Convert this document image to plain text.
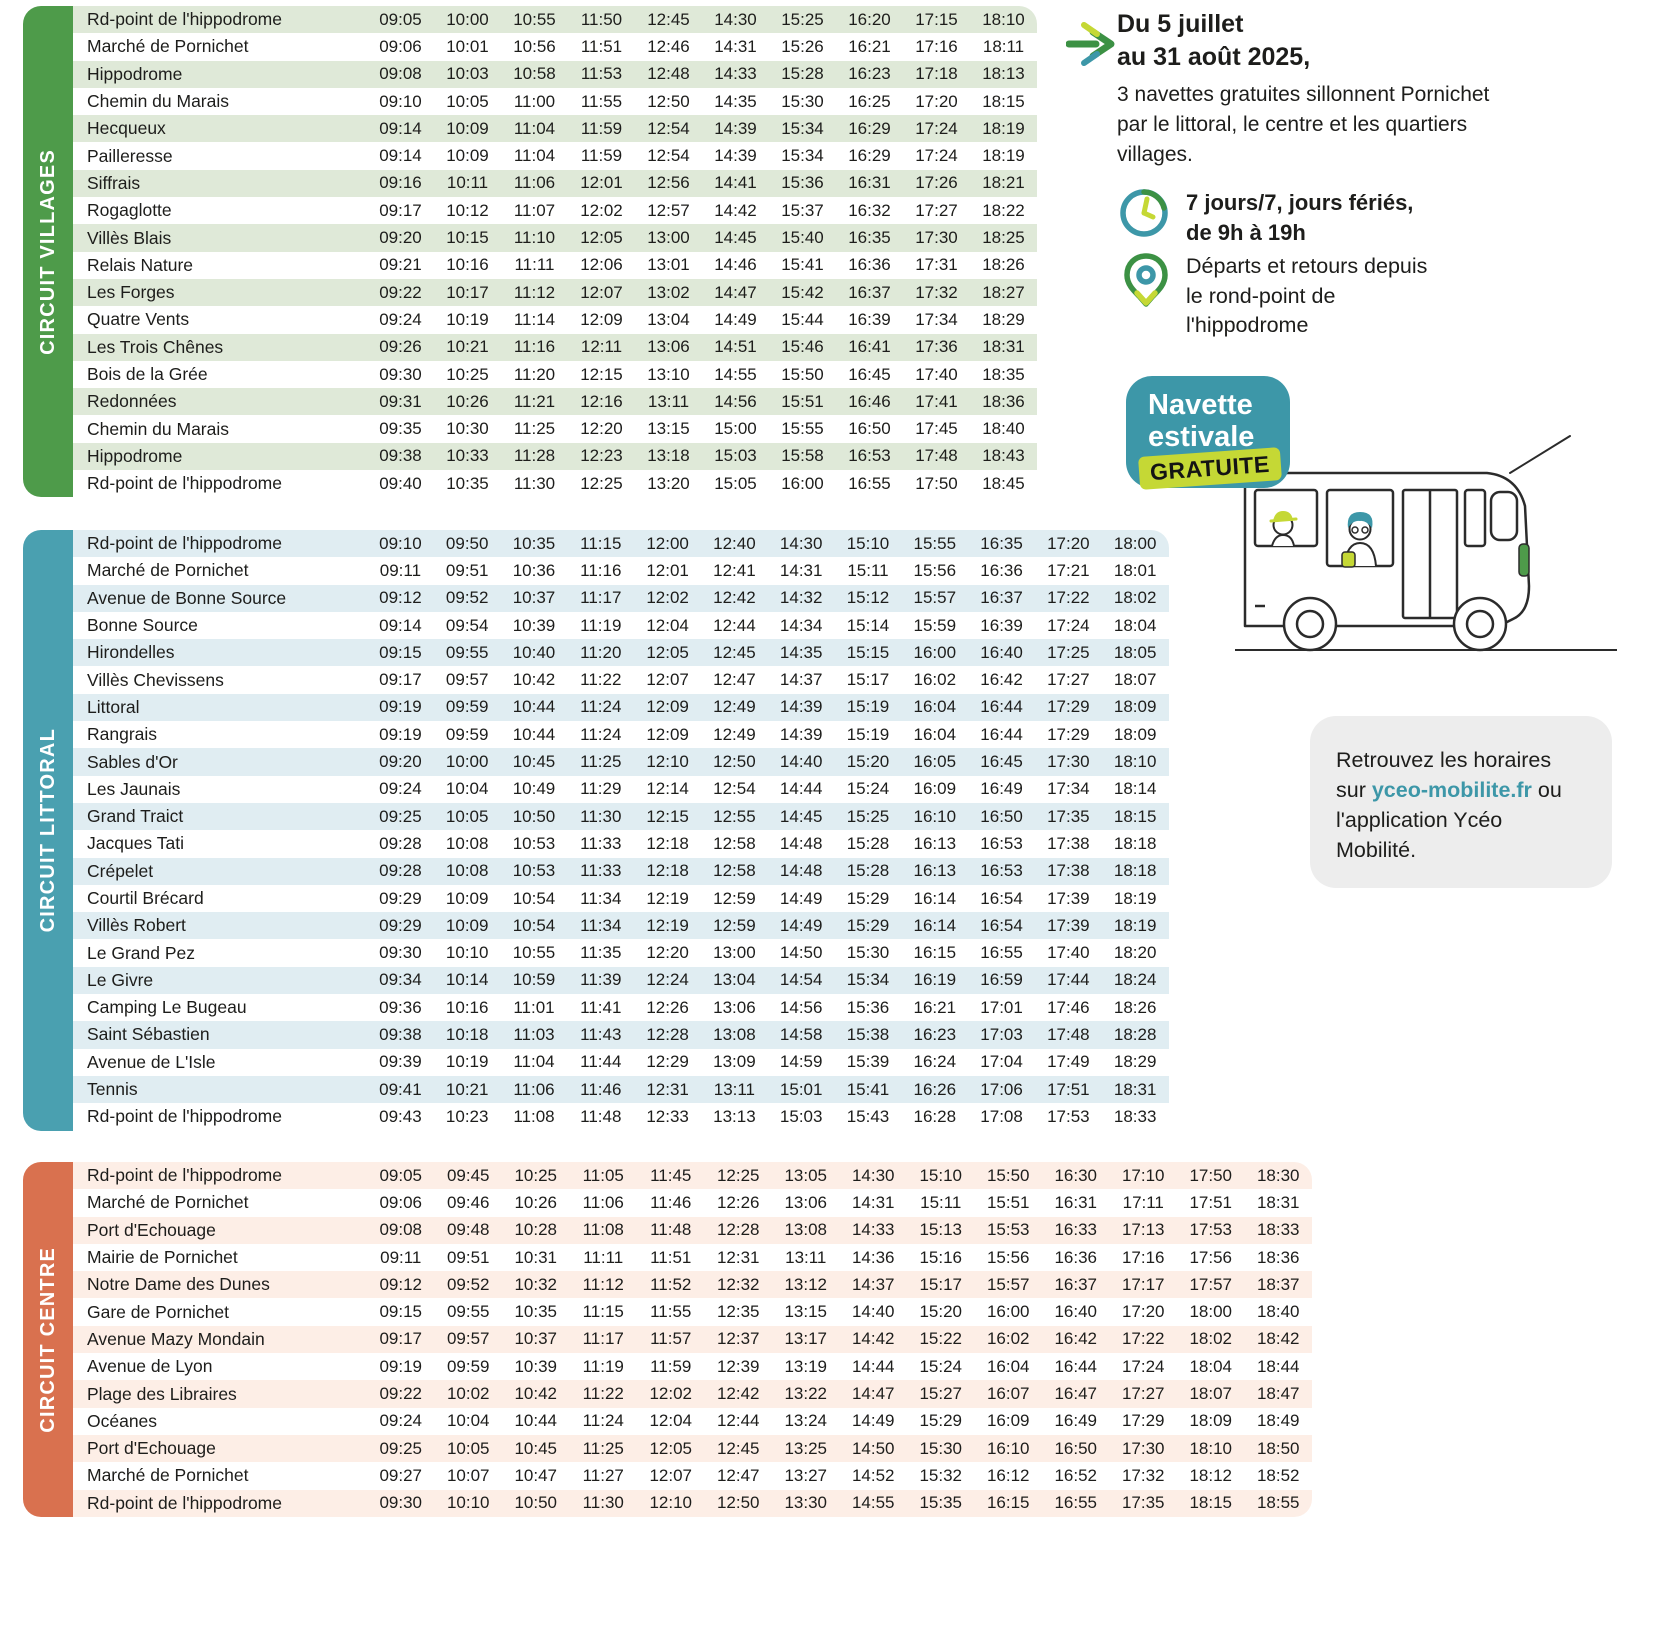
CIRCUIT VILLAGES
Rd-point de l'hippodrome	09:05	10:00	10:55	11:50	12:45	14:30	15:25	16:20	17:15	18:10
Marché de Pornichet	09:06	10:01	10:56	11:51	12:46	14:31	15:26	16:21	17:16	18:11
Hippodrome	09:08	10:03	10:58	11:53	12:48	14:33	15:28	16:23	17:18	18:13
Chemin du Marais	09:10	10:05	11:00	11:55	12:50	14:35	15:30	16:25	17:20	18:15
Hecqueux	09:14	10:09	11:04	11:59	12:54	14:39	15:34	16:29	17:24	18:19
Pailleresse	09:14	10:09	11:04	11:59	12:54	14:39	15:34	16:29	17:24	18:19
Siffrais	09:16	10:11	11:06	12:01	12:56	14:41	15:36	16:31	17:26	18:21
Rogaglotte	09:17	10:12	11:07	12:02	12:57	14:42	15:37	16:32	17:27	18:22
Villès Blais	09:20	10:15	11:10	12:05	13:00	14:45	15:40	16:35	17:30	18:25
Relais Nature	09:21	10:16	11:11	12:06	13:01	14:46	15:41	16:36	17:31	18:26
Les Forges	09:22	10:17	11:12	12:07	13:02	14:47	15:42	16:37	17:32	18:27
Quatre Vents	09:24	10:19	11:14	12:09	13:04	14:49	15:44	16:39	17:34	18:29
Les Trois Chênes	09:26	10:21	11:16	12:11	13:06	14:51	15:46	16:41	17:36	18:31
Bois de la Grée	09:30	10:25	11:20	12:15	13:10	14:55	15:50	16:45	17:40	18:35
Redonnées	09:31	10:26	11:21	12:16	13:11	14:56	15:51	16:46	17:41	18:36
Chemin du Marais	09:35	10:30	11:25	12:20	13:15	15:00	15:55	16:50	17:45	18:40
Hippodrome	09:38	10:33	11:28	12:23	13:18	15:03	15:58	16:53	17:48	18:43
Rd-point de l'hippodrome	09:40	10:35	11:30	12:25	13:20	15:05	16:00	16:55	17:50	18:45
CIRCUIT LITTORAL
Rd-point de l'hippodrome	09:10	09:50	10:35	11:15	12:00	12:40	14:30	15:10	15:55	16:35	17:20	18:00
Marché de Pornichet	09:11	09:51	10:36	11:16	12:01	12:41	14:31	15:11	15:56	16:36	17:21	18:01
Avenue de Bonne Source	09:12	09:52	10:37	11:17	12:02	12:42	14:32	15:12	15:57	16:37	17:22	18:02
Bonne Source	09:14	09:54	10:39	11:19	12:04	12:44	14:34	15:14	15:59	16:39	17:24	18:04
Hirondelles	09:15	09:55	10:40	11:20	12:05	12:45	14:35	15:15	16:00	16:40	17:25	18:05
Villès Chevissens	09:17	09:57	10:42	11:22	12:07	12:47	14:37	15:17	16:02	16:42	17:27	18:07
Littoral	09:19	09:59	10:44	11:24	12:09	12:49	14:39	15:19	16:04	16:44	17:29	18:09
Rangrais	09:19	09:59	10:44	11:24	12:09	12:49	14:39	15:19	16:04	16:44	17:29	18:09
Sables d'Or	09:20	10:00	10:45	11:25	12:10	12:50	14:40	15:20	16:05	16:45	17:30	18:10
Les Jaunais	09:24	10:04	10:49	11:29	12:14	12:54	14:44	15:24	16:09	16:49	17:34	18:14
Grand Traict	09:25	10:05	10:50	11:30	12:15	12:55	14:45	15:25	16:10	16:50	17:35	18:15
Jacques Tati	09:28	10:08	10:53	11:33	12:18	12:58	14:48	15:28	16:13	16:53	17:38	18:18
Crépelet	09:28	10:08	10:53	11:33	12:18	12:58	14:48	15:28	16:13	16:53	17:38	18:18
Courtil Brécard	09:29	10:09	10:54	11:34	12:19	12:59	14:49	15:29	16:14	16:54	17:39	18:19
Villès Robert	09:29	10:09	10:54	11:34	12:19	12:59	14:49	15:29	16:14	16:54	17:39	18:19
Le Grand Pez	09:30	10:10	10:55	11:35	12:20	13:00	14:50	15:30	16:15	16:55	17:40	18:20
Le Givre	09:34	10:14	10:59	11:39	12:24	13:04	14:54	15:34	16:19	16:59	17:44	18:24
Camping Le Bugeau	09:36	10:16	11:01	11:41	12:26	13:06	14:56	15:36	16:21	17:01	17:46	18:26
Saint Sébastien	09:38	10:18	11:03	11:43	12:28	13:08	14:58	15:38	16:23	17:03	17:48	18:28
Avenue de L'Isle	09:39	10:19	11:04	11:44	12:29	13:09	14:59	15:39	16:24	17:04	17:49	18:29
Tennis	09:41	10:21	11:06	11:46	12:31	13:11	15:01	15:41	16:26	17:06	17:51	18:31
Rd-point de l'hippodrome	09:43	10:23	11:08	11:48	12:33	13:13	15:03	15:43	16:28	17:08	17:53	18:33
CIRCUIT CENTRE
Rd-point de l'hippodrome	09:05	09:45	10:25	11:05	11:45	12:25	13:05	14:30	15:10	15:50	16:30	17:10	17:50	18:30
Marché de Pornichet	09:06	09:46	10:26	11:06	11:46	12:26	13:06	14:31	15:11	15:51	16:31	17:11	17:51	18:31
Port d'Echouage	09:08	09:48	10:28	11:08	11:48	12:28	13:08	14:33	15:13	15:53	16:33	17:13	17:53	18:33
Mairie de Pornichet	09:11	09:51	10:31	11:11	11:51	12:31	13:11	14:36	15:16	15:56	16:36	17:16	17:56	18:36
Notre Dame des Dunes	09:12	09:52	10:32	11:12	11:52	12:32	13:12	14:37	15:17	15:57	16:37	17:17	17:57	18:37
Gare de Pornichet	09:15	09:55	10:35	11:15	11:55	12:35	13:15	14:40	15:20	16:00	16:40	17:20	18:00	18:40
Avenue Mazy Mondain	09:17	09:57	10:37	11:17	11:57	12:37	13:17	14:42	15:22	16:02	16:42	17:22	18:02	18:42
Avenue de Lyon	09:19	09:59	10:39	11:19	11:59	12:39	13:19	14:44	15:24	16:04	16:44	17:24	18:04	18:44
Plage des Libraires	09:22	10:02	10:42	11:22	12:02	12:42	13:22	14:47	15:27	16:07	16:47	17:27	18:07	18:47
Océanes	09:24	10:04	10:44	11:24	12:04	12:44	13:24	14:49	15:29	16:09	16:49	17:29	18:09	18:49
Port d'Echouage	09:25	10:05	10:45	11:25	12:05	12:45	13:25	14:50	15:30	16:10	16:50	17:30	18:10	18:50
Marché de Pornichet	09:27	10:07	10:47	11:27	12:07	12:47	13:27	14:52	15:32	16:12	16:52	17:32	18:12	18:52
Rd-point de l'hippodrome	09:30	10:10	10:50	11:30	12:10	12:50	13:30	14:55	15:35	16:15	16:55	17:35	18:15	18:55
Du 5 juillet
au 31 août 2025,

3 navettes gratuites sillonnent Pornichet par le littoral, le centre et les quartiers villages.

7 jours/7, jours fériés,
de 9h à 19h
Départs et retours depuis le rond-point de l'hippodrome
Navette
estivale
GRATUITE
Retrouvez les horaires sur yceo-mobilite.fr ou l'application Ycéo Mobilité.
